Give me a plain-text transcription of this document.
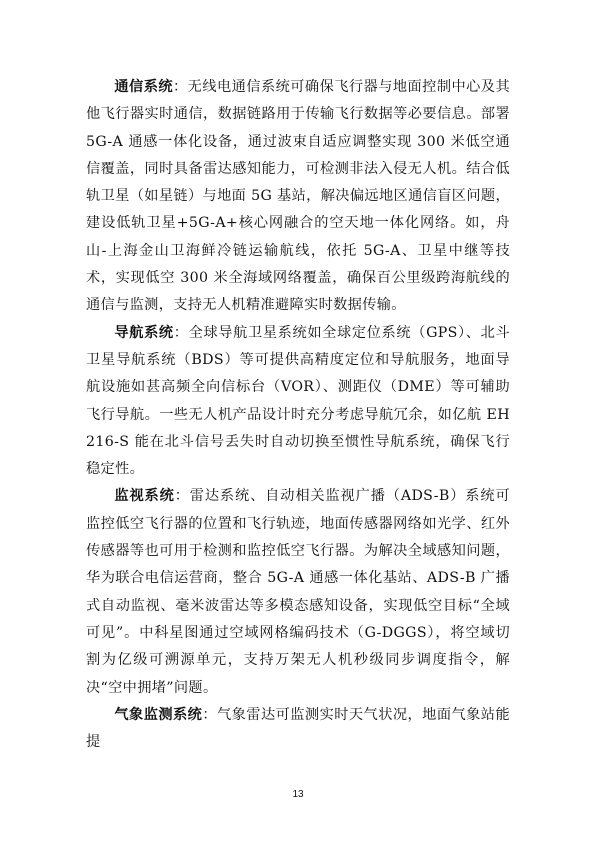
通信系统：无线电通信系统可确保飞行器与地面控制中心及其他飞行器实时通信，数据链路用于传输飞行数据等必要信息。部署 5G-A 通感一体化设备，通过波束自适应调整实现 300 米低空通信覆盖，同时具备雷达感知能力，可检测非法入侵无人机。结合低轨卫星（如星链）与地面 5G 基站，解决偏远地区通信盲区问题，建设低轨卫星+5G-A+核心网融合的空天地一体化网络。如，舟山-上海金山卫海鲜冷链运输航线，依托 5G-A、卫星中继等技术，实现低空 300 米全海域网络覆盖，确保百公里级跨海航线的通信与监测，支持无人机精准避障实时数据传输。

导航系统：全球导航卫星系统如全球定位系统（GPS）、北斗卫星导航系统（BDS）等可提供高精度定位和导航服务，地面导航设施如甚高频全向信标台（VOR）、测距仪（DME）等可辅助飞行导航。一些无人机产品设计时充分考虑导航冗余，如亿航 EH216-S 能在北斗信号丢失时自动切换至惯性导航系统，确保飞行稳定性。

监视系统：雷达系统、自动相关监视广播（ADS-B）系统可监控低空飞行器的位置和飞行轨迹，地面传感器网络如光学、红外传感器等也可用于检测和监控低空飞行器。为解决全域感知问题，华为联合电信运营商，整合 5G-A 通感一体化基站、ADS-B 广播式自动监视、毫米波雷达等多模态感知设备，实现低空目标“全域可见”。中科星图通过空域网格编码技术（G-DGGS），将空域切割为亿级可溯源单元，支持万架无人机秒级同步调度指令，解决“空中拥堵”问题。

气象监测系统：气象雷达可监测实时天气状况，地面气象站能提

13
